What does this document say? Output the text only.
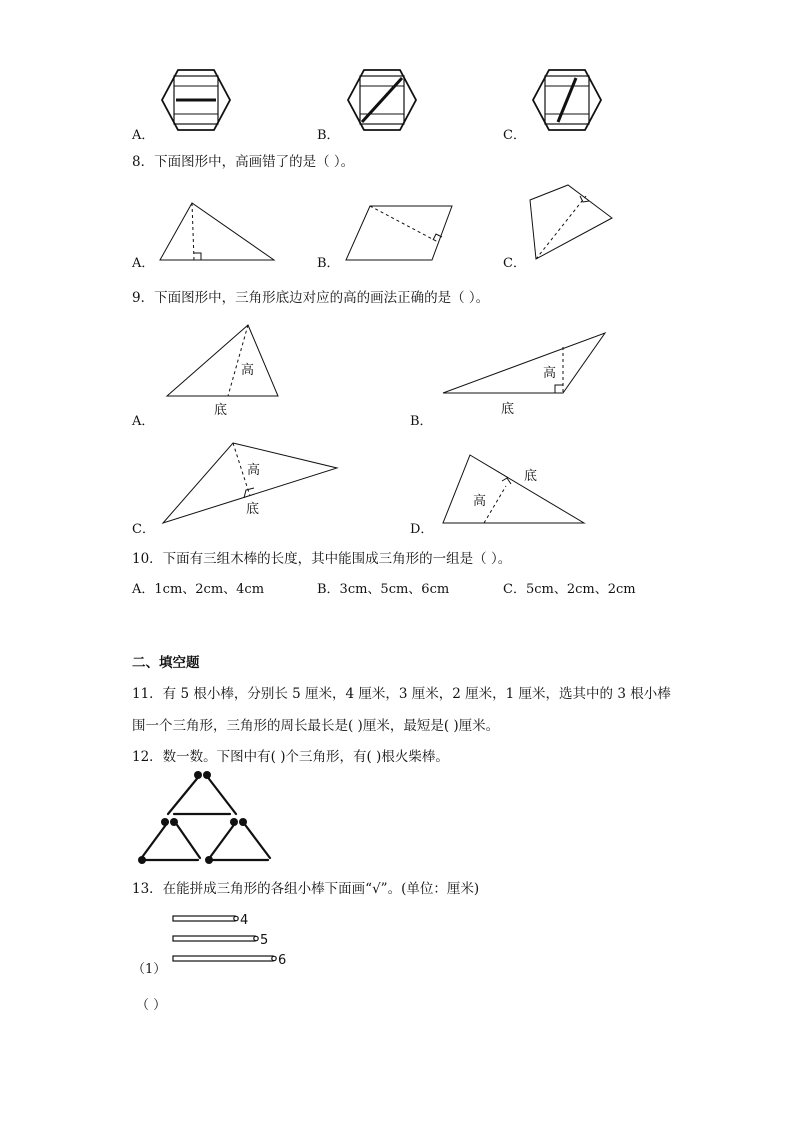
A．	B．	C．
8．下面图形中，高画错了的是（ ）。
A．	B．	C．
9．下面图形中，三角形底边对应的高的画法正确的是（ ）。
高
底
A．
高
底
B．
高
底
C．
高
底
D．
10．下面有三组木棒的长度，其中能围成三角形的一组是（ ）。
A．1cm、2cm、4cm	B．3cm、5cm、6cm	C．5cm、2cm、2cm
二、填空题
11．有 5 根小棒，分别长 5 厘米，4 厘米，3 厘米，2 厘米，1 厘米，选其中的 3 根小棒
围一个三角形，三角形的周长最长是( )厘米，最短是( )厘米。
12．数一数。下图中有( )个三角形，有( )根火柴棒。
13．在能拼成三角形的各组小棒下面画“√”。(单位：厘米)
4
5
6
（1）
（ ）
